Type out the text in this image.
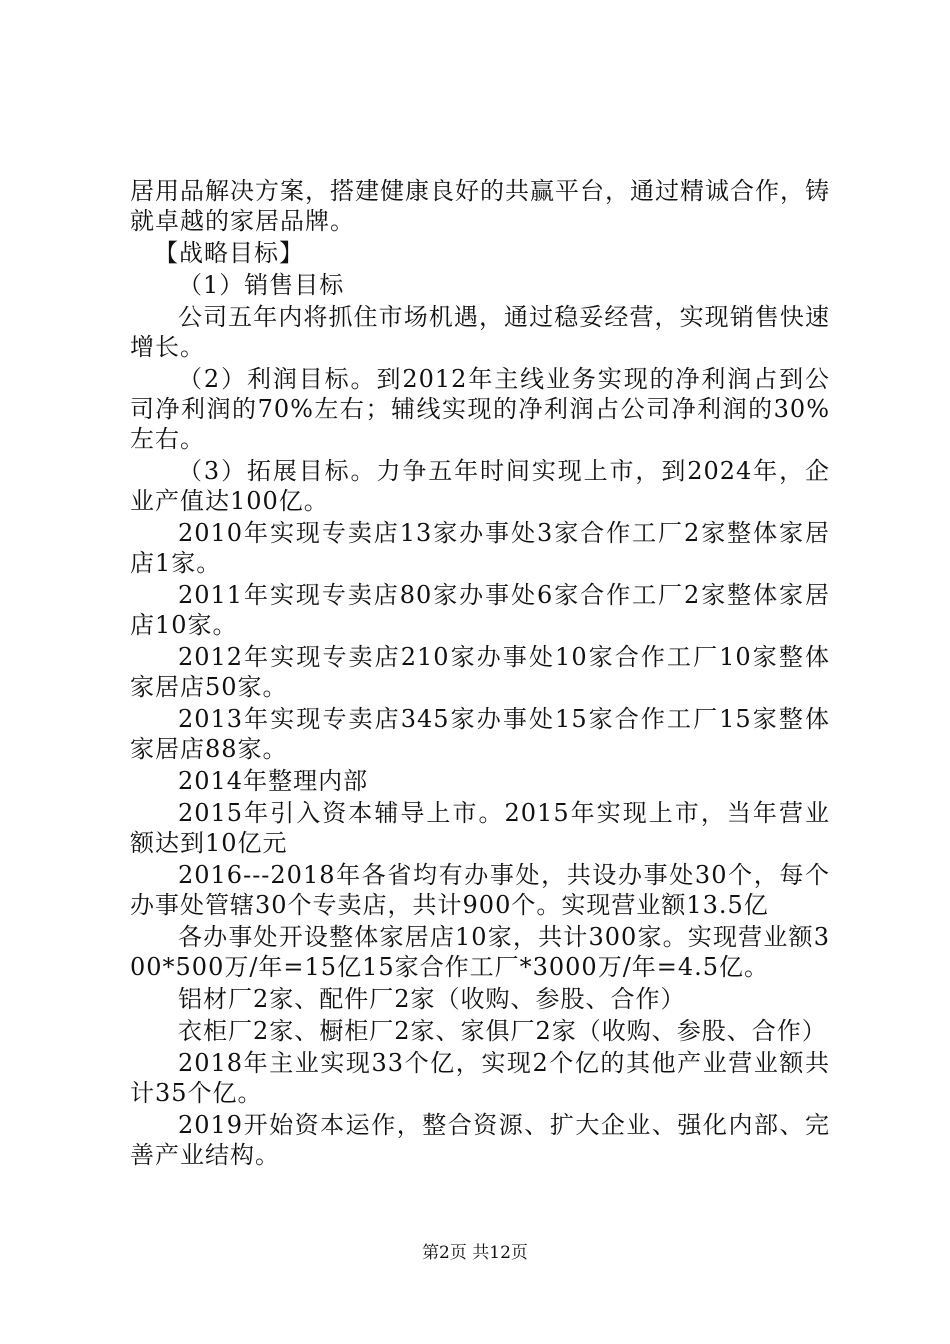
居用品解决方案，搭建健康良好的共赢平台，通过精诚合作，铸就卓越的家居品牌。

【战略目标】

（1）销售目标

公司五年内将抓住市场机遇，通过稳妥经营，实现销售快速增长。

（2）利润目标。到2012年主线业务实现的净利润占到公司净利润的70%左右；辅线实现的净利润占公司净利润的30%左右。

（3）拓展目标。力争五年时间实现上市，到2024年，企业产值达100亿。

2010年实现专卖店13家办事处3家合作工厂2家整体家居店1家。

2011年实现专卖店80家办事处6家合作工厂2家整体家居店10家。

2012年实现专卖店210家办事处10家合作工厂10家整体家居店50家。

2013年实现专卖店345家办事处15家合作工厂15家整体家居店88家。

2014年整理内部

2015年引入资本辅导上市。2015年实现上市，当年营业额达到10亿元

2016---2018年各省均有办事处，共设办事处30个，每个办事处管辖30个专卖店，共计900个。实现营业额13.5亿

各办事处开设整体家居店10家，共计300家。实现营业额300*500万/年=15亿15家合作工厂*3000万/年=4.5亿。

铝材厂2家、配件厂2家（收购、参股、合作）

衣柜厂2家、橱柜厂2家、家俱厂2家（收购、参股、合作）

2018年主业实现33个亿，实现2个亿的其他产业营业额共计35个亿。

2019开始资本运作，整合资源、扩大企业、强化内部、完善产业结构。

第2页 共12页
